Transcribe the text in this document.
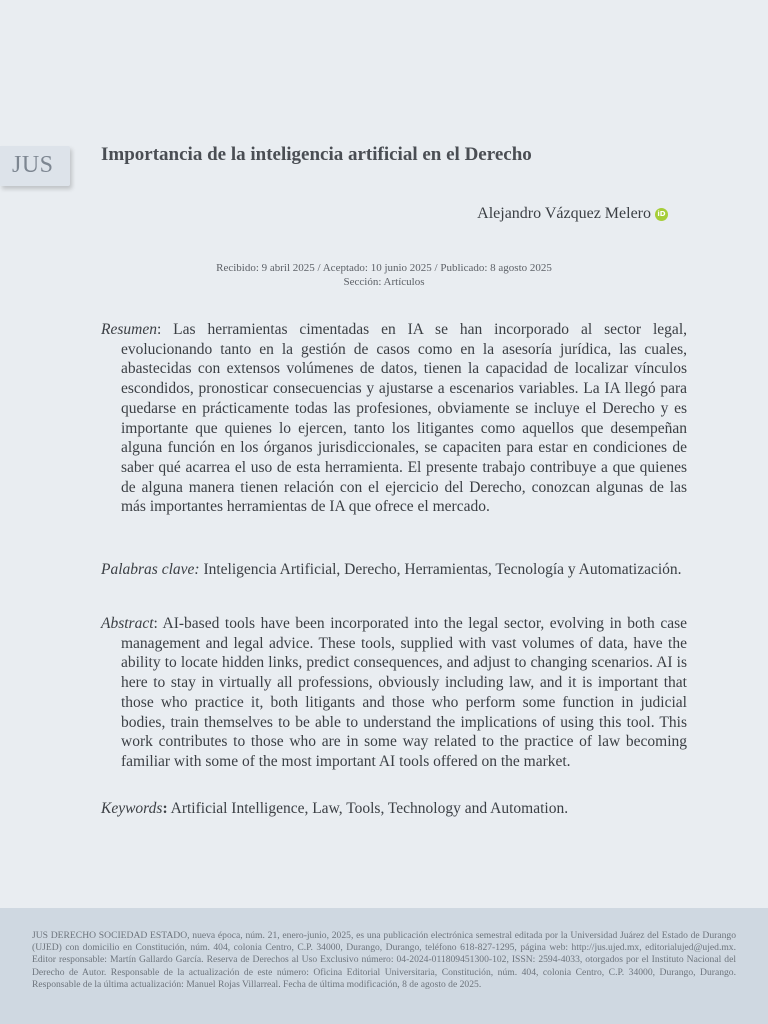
JUS Importancia de la inteligencia artificial en el Derecho
Alejandro Vázquez Melero iD
Recibido: 9 abril 2025 / Aceptado: 10 junio 2025 / Publicado: 8 agosto 2025
Sección: Artículos
Resumen: Las herramientas cimentadas en IA se han incorporado al sector legal, evolucionando tanto en la gestión de casos como en la asesoría jurídica, las cuales, abastecidas con extensos volúmenes de datos, tienen la capacidad de localizar vínculos escondidos, pronosticar consecuencias y ajustarse a escenarios variables. La IA llegó para quedarse en prácticamente todas las profesiones, obviamente se incluye el Derecho y es importante que quienes lo ejercen, tanto los litigantes como aquellos que desempeñan alguna función en los órganos jurisdiccionales, se capaciten para estar en condiciones de saber qué acarrea el uso de esta herramienta. El presente trabajo contribuye a que quienes de alguna manera tienen relación con el ejercicio del Derecho, conozcan algunas de las más importantes herramientas de IA que ofrece el mercado.
Palabras clave: Inteligencia Artificial, Derecho, Herramientas, Tecnología y Automatización.
Abstract: AI-based tools have been incorporated into the legal sector, evolving in both case management and legal advice. These tools, supplied with vast volumes of data, have the ability to locate hidden links, predict consequences, and adjust to changing scenarios. AI is here to stay in virtually all professions, obviously including law, and it is important that those who practice it, both litigants and those who perform some function in judicial bodies, train themselves to be able to understand the implications of using this tool. This work contributes to those who are in some way related to the practice of law becoming familiar with some of the most important AI tools offered on the market.
Keywords: Artificial Intelligence, Law, Tools, Technology and Automation.

JUS DERECHO SOCIEDAD ESTADO, nueva época, núm. 21, enero-junio, 2025, es una publicación electrónica semestral editada por la Universidad Juárez del Estado de Durango (UJED) con domicilio en Constitución, núm. 404, colonia Centro, C.P. 34000, Durango, Durango, teléfono 618-827-1295, página web: http://jus.ujed.mx, editorialujed@ujed.mx. Editor responsable: Martín Gallardo García. Reserva de Derechos al Uso Exclusivo número: 04-2024-011809451300-102, ISSN: 2594-4033, otorgados por el Instituto Nacional del Derecho de Autor. Responsable de la actualización de este número: Oficina Editorial Universitaria, Constitución, núm. 404, colonia Centro, C.P. 34000, Durango, Durango. Responsable de la última actualización: Manuel Rojas Villarreal. Fecha de última modificación, 8 de agosto de 2025.
